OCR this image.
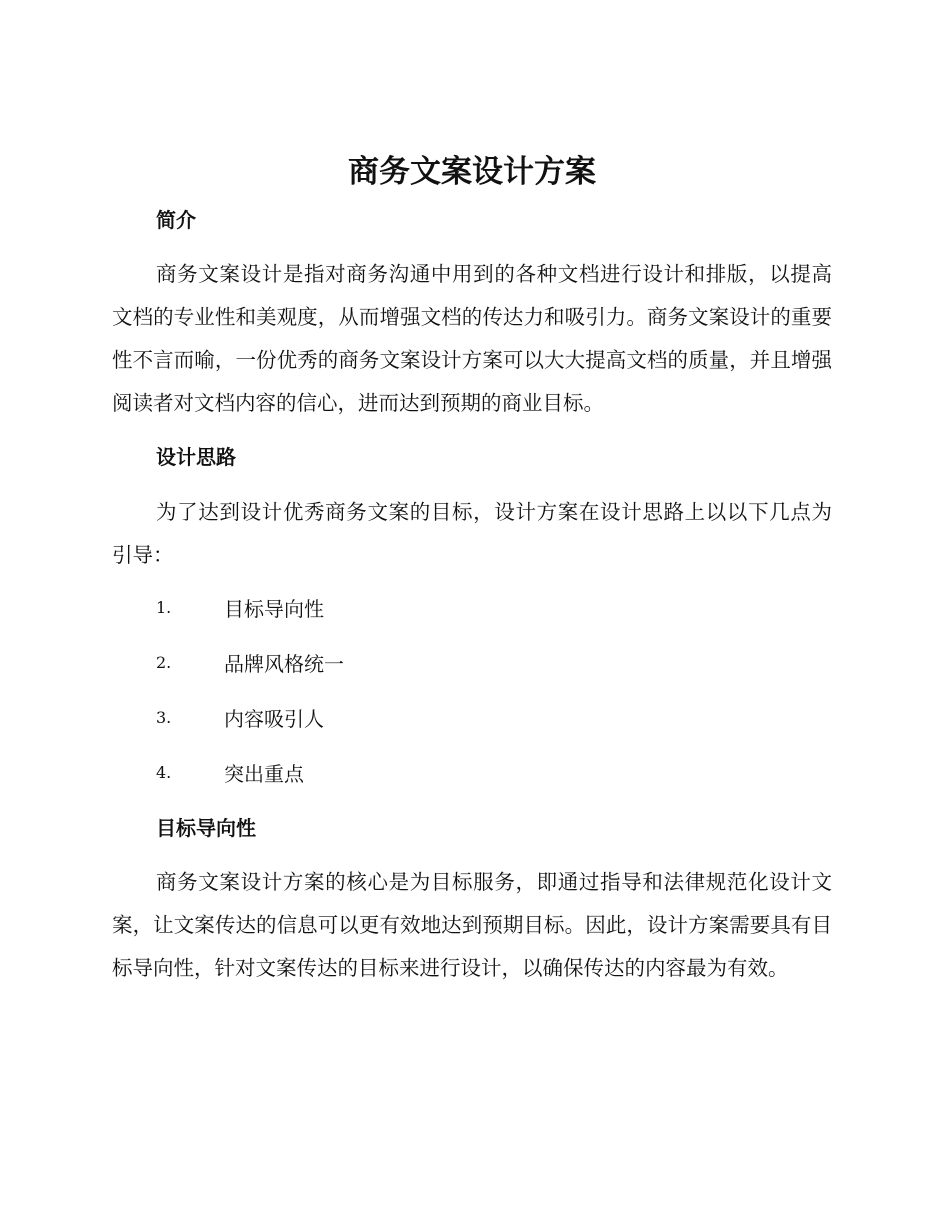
商务文案设计方案
简介

商务文案设计是指对商务沟通中用到的各种文档进行设计和排版，以提高文档的专业性和美观度，从而增强文档的传达力和吸引力。商务文案设计的重要性不言而喻，一份优秀的商务文案设计方案可以大大提高文档的质量，并且增强阅读者对文档内容的信心，进而达到预期的商业目标。

设计思路

为了达到设计优秀商务文案的目标，设计方案在设计思路上以以下几点为引导：

1.	目标导向性
2.	品牌风格统一
3.	内容吸引人
4.	突出重点
目标导向性

商务文案设计方案的核心是为目标服务，即通过指导和法律规范化设计文案，让文案传达的信息可以更有效地达到预期目标。因此，设计方案需要具有目标导向性，针对文案传达的目标来进行设计，以确保传达的内容最为有效。
